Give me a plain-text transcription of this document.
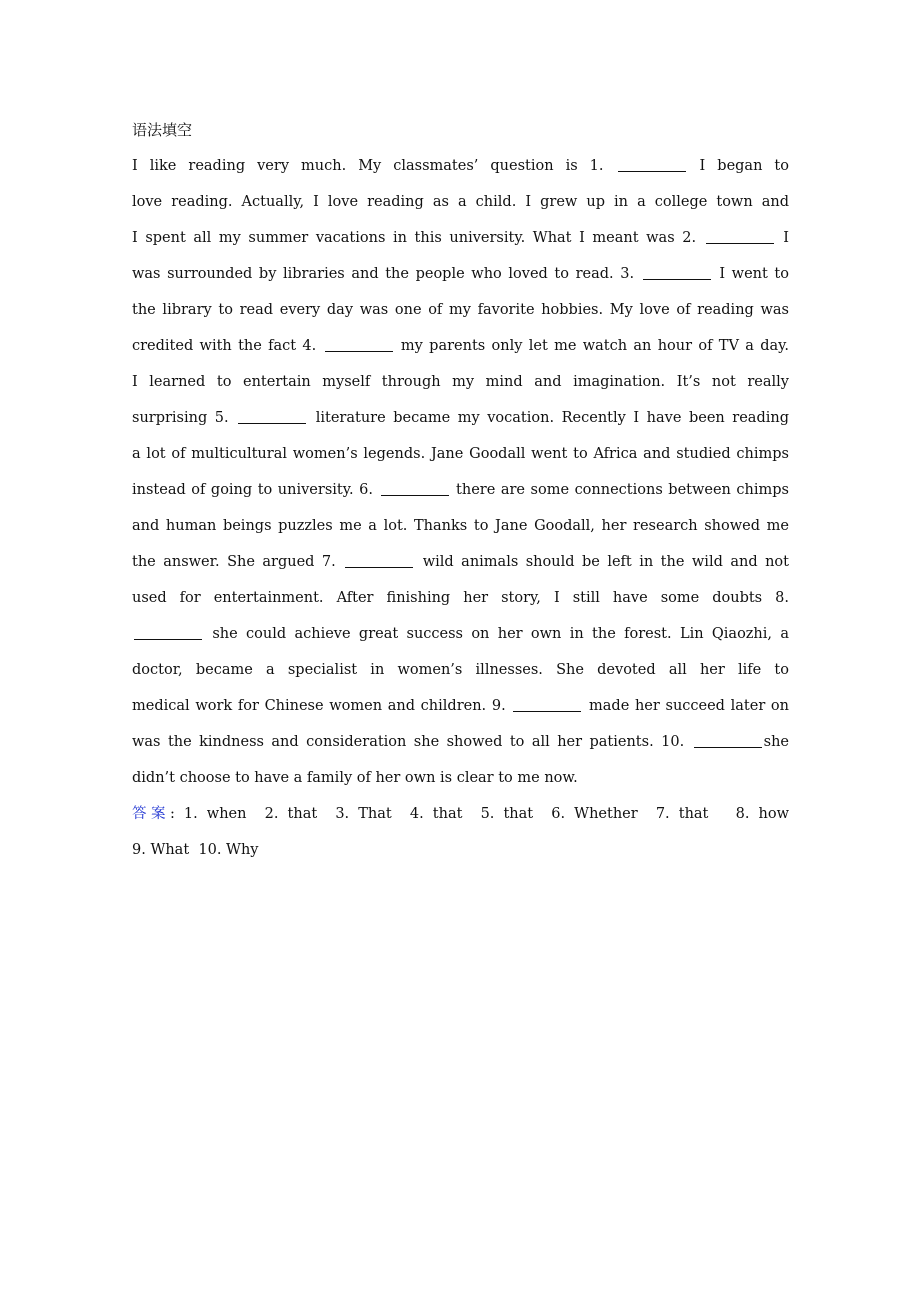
语法填空
I like reading very much. My classmates’ question is 1.	I began to
love reading. Actually, I love reading as a child. I grew up in a college town and
I spent all my summer vacations in this university. What I meant was 2.	I
was surrounded by libraries and the people who loved to read. 3.	I went to
the library to read every day was one of my favorite hobbies. My love of reading was
credited with the fact 4.	my parents only let me watch an hour of TV a day.
I learned to entertain myself through my mind and imagination. It’s not really
surprising 5.	literature became my vocation. Recently I have been reading
a lot of multicultural women’s legends. Jane Goodall went to Africa and studied chimps
instead of going to university. 6.	there are some connections between chimps
and human beings puzzles me a lot. Thanks to Jane Goodall, her research showed me
the answer. She argued 7.	wild animals should be left in the wild and not
used for entertainment. After finishing her story, I still have some doubts 8.
she could achieve great success on her own in the forest. Lin Qiaozhi, a
doctor, became a specialist in women’s illnesses. She devoted all her life to
medical work for Chinese women and children. 9.	made her succeed later on
was the kindness and consideration she showed to all her patients. 10.	she
didn’t choose to have a family of her own is clear to me now.
答案: 1. when  2. that  3. That  4. that  5. that  6. Whether  7. that   8. how
9. What  10. Why
